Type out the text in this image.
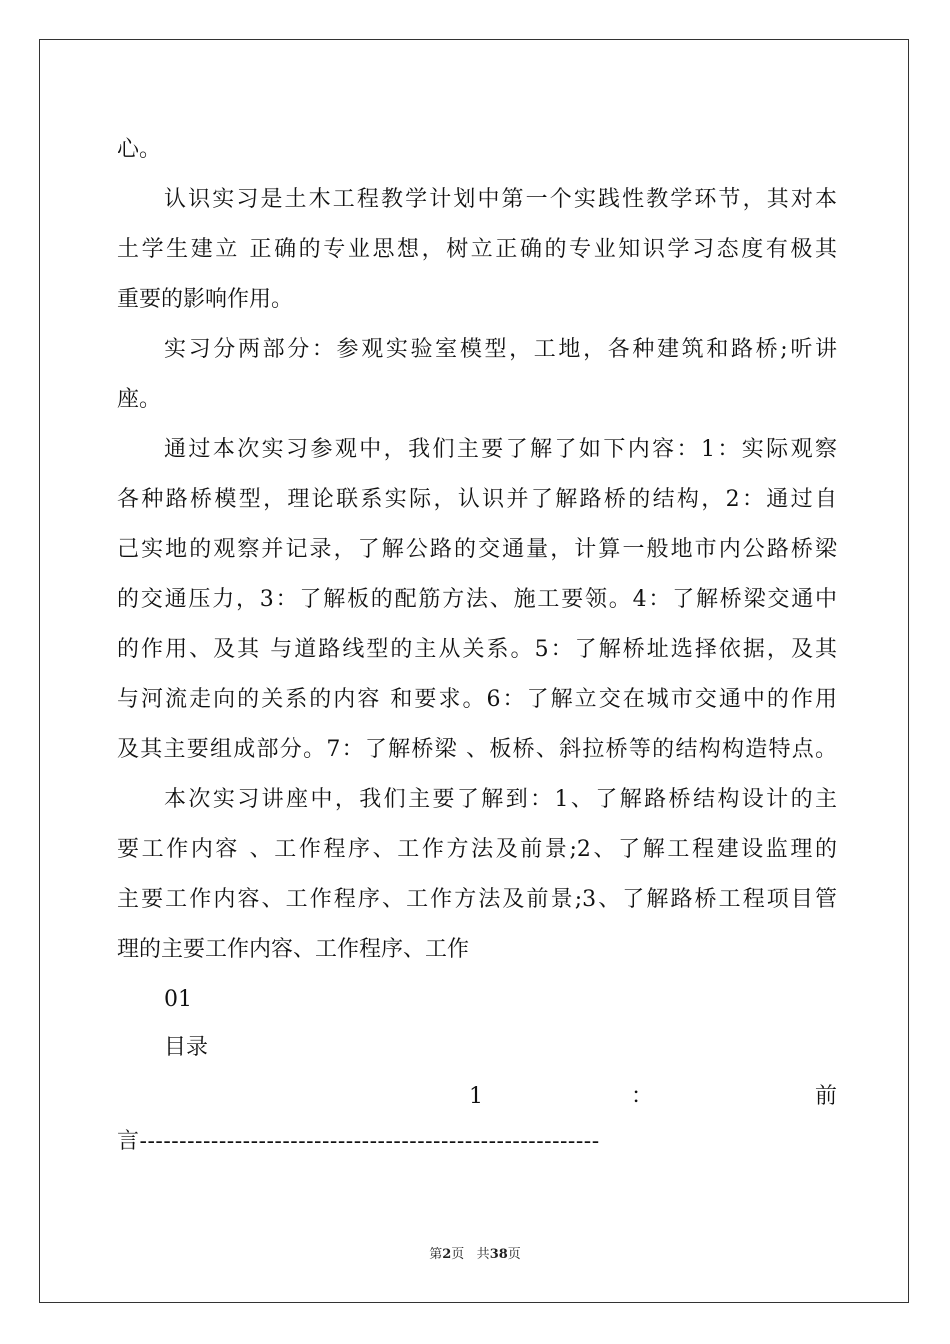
心。
认识实习是土木工程教学计划中第一个实践性教学环节，其对本
土学生建立 正确的专业思想，树立正确的专业知识学习态度有极其
重要的影响作用。
实习分两部分：参观实验室模型，工地，各种建筑和路桥;听讲
座。
通过本次实习参观中，我们主要了解了如下内容：1：实际观察
各种路桥模型，理论联系实际，认识并了解路桥的结构，2：通过自
己实地的观察并记录，了解公路的交通量，计算一般地市内公路桥梁
的交通压力，3：了解板的配筋方法、施工要领。4：了解桥梁交通中
的作用、及其 与道路线型的主从关系。5：了解桥址选择依据，及其
与河流走向的关系的内容 和要求。6：了解立交在城市交通中的作用
及其主要组成部分。7：了解桥梁 、板桥、斜拉桥等的结构构造特点。
本次实习讲座中，我们主要了解到：1、了解路桥结构设计的主
要工作内容 、工作程序、工作方法及前景;2、了解工程建设监理的
主要工作内容、工作程序、工作方法及前景;3、了解路桥工程项目管
理的主要工作内容、工作程序、工作
01
目录
1	：	前
言----------------------------------------------------------
第2页 共38页
